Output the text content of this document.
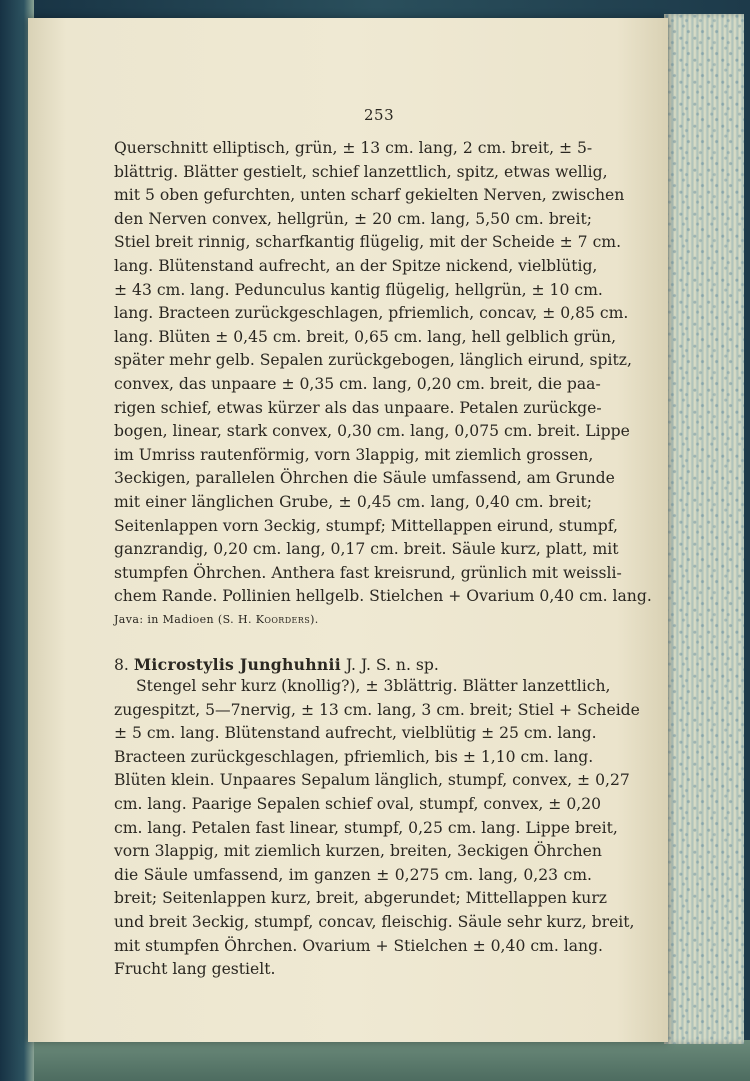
253
Querschnitt elliptisch, grün, ± 13 cm. lang, 2 cm. breit, ± 5-
blättrig. Blätter gestielt, schief lanzettlich, spitz, etwas wellig,
mit 5 oben gefurchten, unten scharf gekielten Nerven, zwischen
den Nerven convex, hellgrün, ± 20 cm. lang, 5,50 cm. breit;
Stiel breit rinnig, scharfkantig flügelig, mit der Scheide ± 7 cm.
lang. Blütenstand aufrecht, an der Spitze nickend, vielblütig,
± 43 cm. lang. Pedunculus kantig flügelig, hellgrün, ± 10 cm.
lang. Bracteen zurückgeschlagen, pfriemlich, concav, ± 0,85 cm.
lang. Blüten ± 0,45 cm. breit, 0,65 cm. lang, hell gelblich grün,
später mehr gelb. Sepalen zurückgebogen, länglich eirund, spitz,
convex, das unpaare ± 0,35 cm. lang, 0,20 cm. breit, die paa-
rigen schief, etwas kürzer als das unpaare. Petalen zurückge-
bogen, linear, stark convex, 0,30 cm. lang, 0,075 cm. breit. Lippe
im Umriss rautenförmig, vorn 3lappig, mit ziemlich grossen,
3eckigen, parallelen Öhrchen die Säule umfassend, am Grunde
mit einer länglichen Grube, ± 0,45 cm. lang, 0,40 cm. breit;
Seitenlappen vorn 3eckig, stumpf; Mittellappen eirund, stumpf,
ganzrandig, 0,20 cm. lang, 0,17 cm. breit. Säule kurz, platt, mit
stumpfen Öhrchen. Anthera fast kreisrund, grünlich mit weissli-
chem Rande. Pollinien hellgelb. Stielchen + Ovarium 0,40 cm. lang.
Java: in Madioen (S. H. Koorders).
8. Microstylis Junghuhnii J. J. S. n. sp.
Stengel sehr kurz (knollig?), ± 3blättrig. Blätter lanzettlich,
zugespitzt, 5—7nervig, ± 13 cm. lang, 3 cm. breit; Stiel + Scheide
± 5 cm. lang. Blütenstand aufrecht, vielblütig ± 25 cm. lang.
Bracteen zurückgeschlagen, pfriemlich, bis ± 1,10 cm. lang.
Blüten klein. Unpaares Sepalum länglich, stumpf, convex, ± 0,27
cm. lang. Paarige Sepalen schief oval, stumpf, convex, ± 0,20
cm. lang. Petalen fast linear, stumpf, 0,25 cm. lang. Lippe breit,
vorn 3lappig, mit ziemlich kurzen, breiten, 3eckigen Öhrchen
die Säule umfassend, im ganzen ± 0,275 cm. lang, 0,23 cm.
breit; Seitenlappen kurz, breit, abgerundet; Mittellappen kurz
und breit 3eckig, stumpf, concav, fleischig. Säule sehr kurz, breit,
mit stumpfen Öhrchen. Ovarium + Stielchen ± 0,40 cm. lang.
Frucht lang gestielt.
